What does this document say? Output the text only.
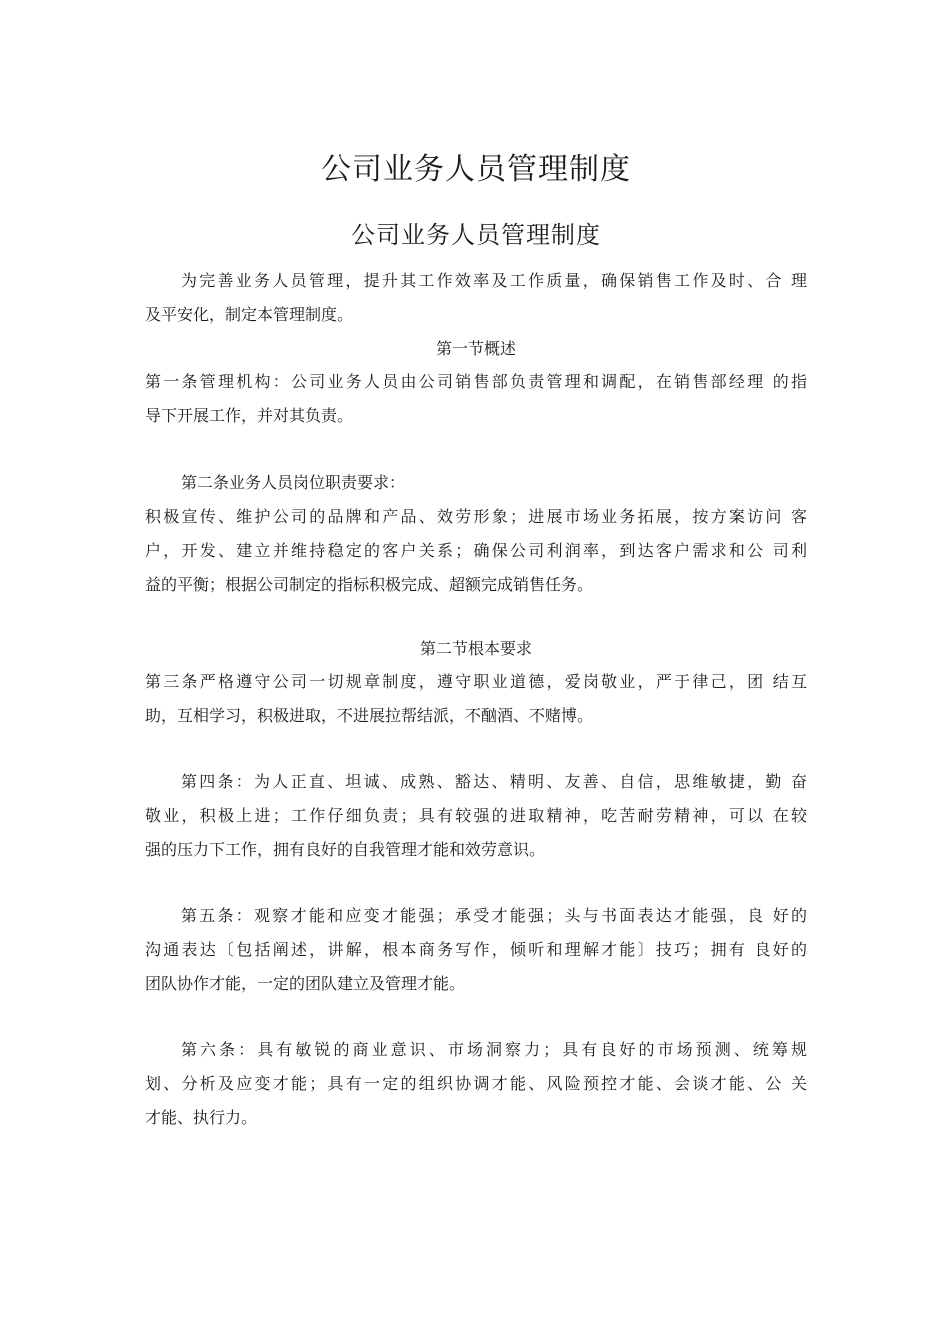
公司业务人员管理制度
公司业务人员管理制度
为完善业务人员管理，提升其工作效率及工作质量，确保销售工作及时、合 理
及平安化，制定本管理制度。
第一节概述
第一条管理机构：公司业务人员由公司销售部负责管理和调配，在销售部经理 的指
导下开展工作，并对其负责。
第二条业务人员岗位职责要求：
积极宣传、维护公司的品牌和产品、效劳形象；进展市场业务拓展，按方案访问 客
户，开发、建立并维持稳定的客户关系；确保公司利润率，到达客户需求和公 司利
益的平衡；根据公司制定的指标积极完成、超额完成销售任务。
第二节根本要求
第三条严格遵守公司一切规章制度，遵守职业道德，爱岗敬业，严于律己，团 结互
助，互相学习，积极进取，不进展拉帮结派，不酗酒、不赌博。
第四条：为人正直、坦诚、成熟、豁达、精明、友善、自信，思维敏捷，勤 奋
敬业，积极上进；工作仔细负责；具有较强的进取精神，吃苦耐劳精神，可以 在较
强的压力下工作，拥有良好的自我管理才能和效劳意识。
第五条：观察才能和应变才能强；承受才能强；头与书面表达才能强，良 好的
沟通表达〔包括阐述，讲解，根本商务写作，倾听和理解才能〕技巧；拥有 良好的
团队协作才能，一定的团队建立及管理才能。
第六条：具有敏锐的商业意识、市场洞察力；具有良好的市场预测、统筹规
划、分析及应变才能；具有一定的组织协调才能、风险预控才能、会谈才能、公 关
才能、执行力。
